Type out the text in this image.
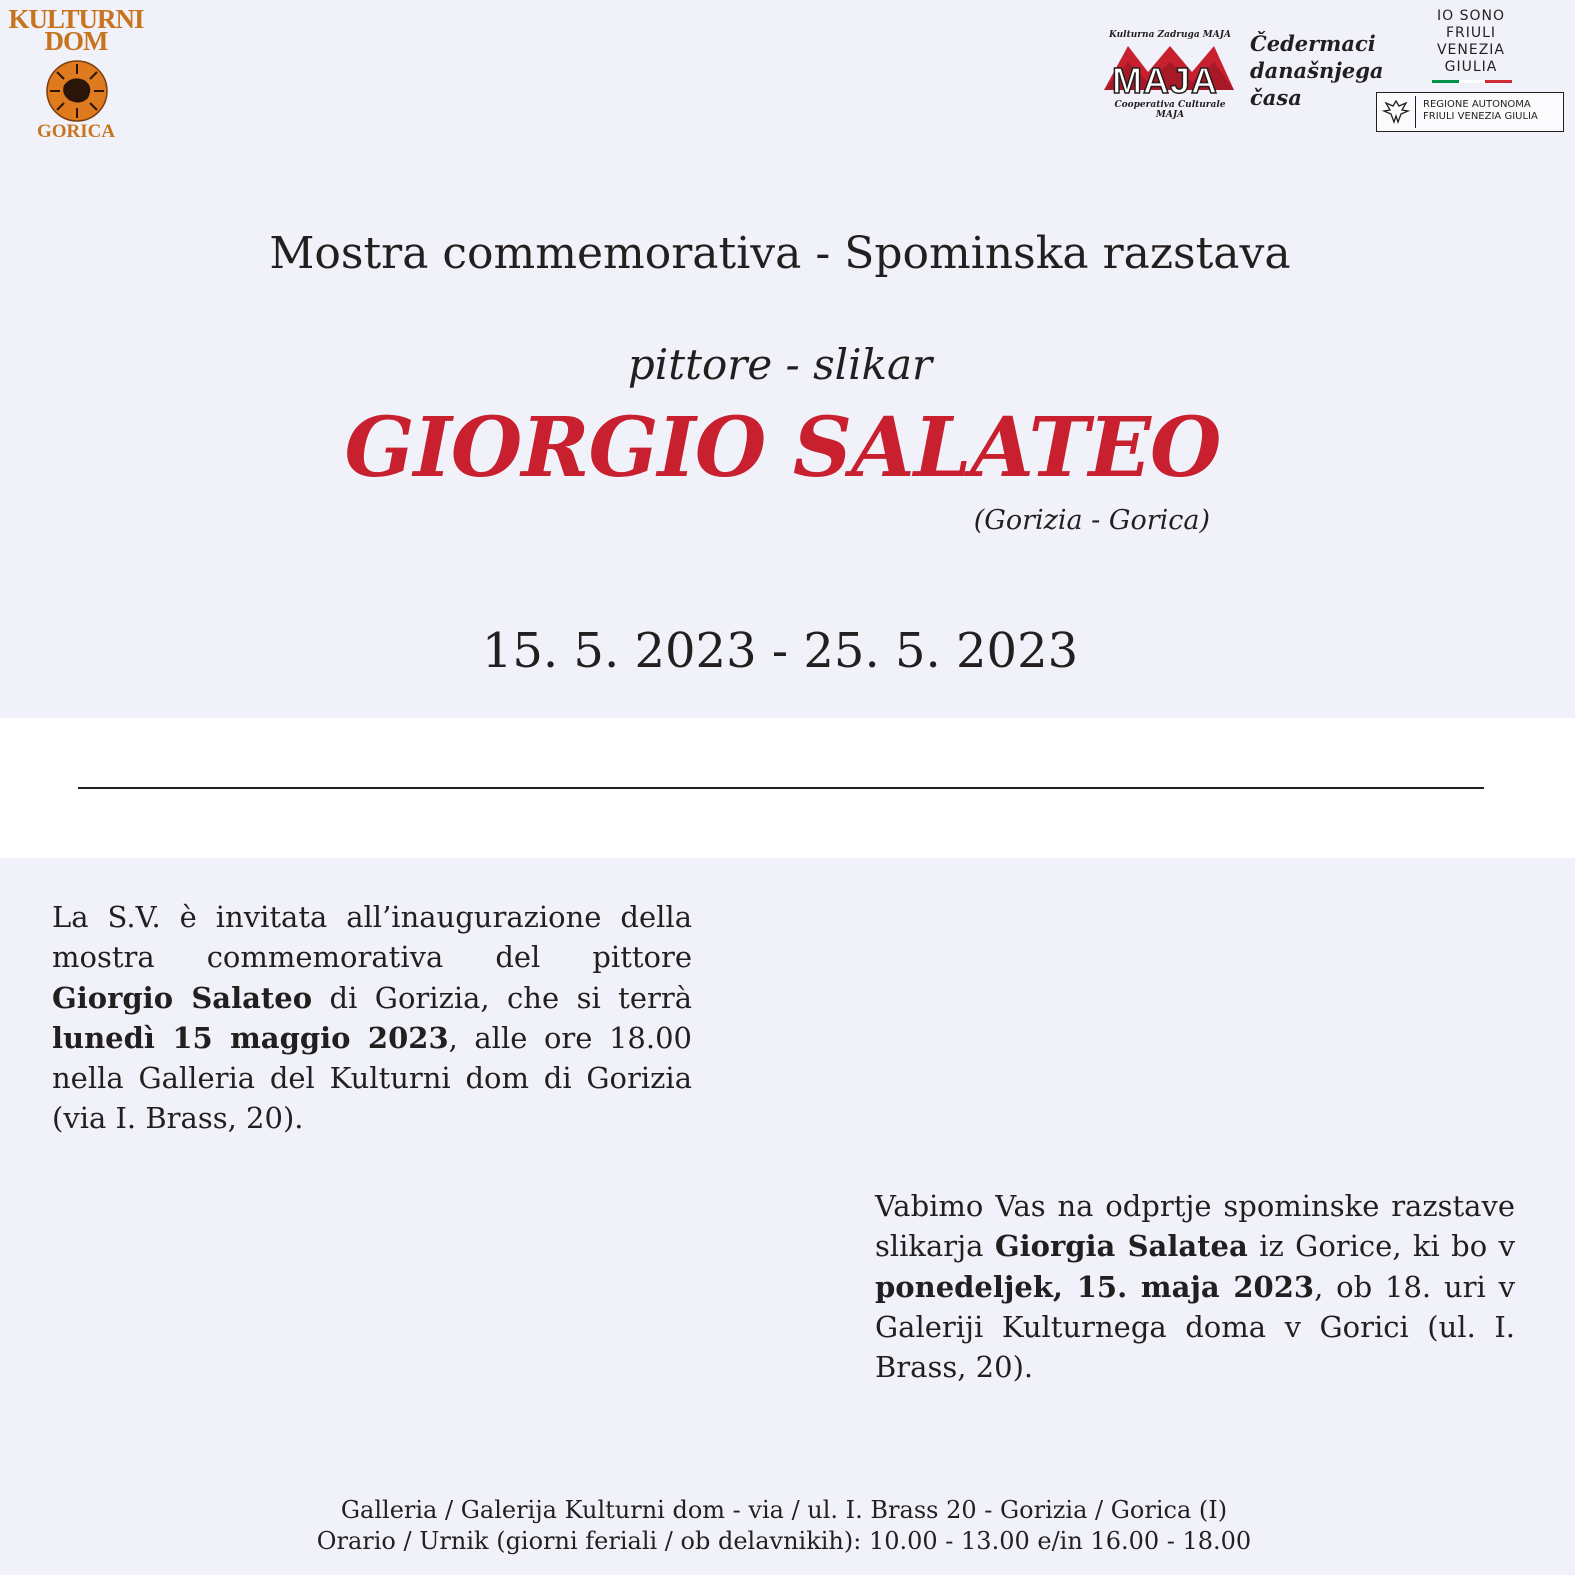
KULTURNI
DOM
GORICA
Kulturna Zadruga MAJA
MAJA
Cooperativa Culturale MAJA
Čedermaci
današnjega
časa
IO SONO
FRIULI
VENEZIA
GIULIA
REGIONE AUTONOMA
FRIULI VENEZIA GIULIA
Mostra commemorativa - Spominska razstava
pittore - slikar
GIORGIO SALATEO
(Gorizia - Gorica)
15. 5. 2023 - 25. 5. 2023
La S.V. è invitata all’inaugurazione della mostra commemorativa del pittore Giorgio Salateo di Gorizia, che si terrà lunedì 15 maggio 2023, alle ore 18.00 nella Galleria del Kulturni dom di Gorizia (via I. Brass, 20).
Vabimo Vas na odprtje spominske razstave slikarja Giorgia Salatea iz Gorice, ki bo v ponedeljek, 15. maja 2023, ob 18. uri v Galeriji Kulturnega doma v Gorici (ul. I. Brass, 20).
Galleria / Galerija Kulturni dom - via / ul. I. Brass 20 - Gorizia / Gorica (I)
Orario / Urnik (giorni feriali / ob delavnikih): 10.00 - 13.00 e/in 16.00 - 18.00
